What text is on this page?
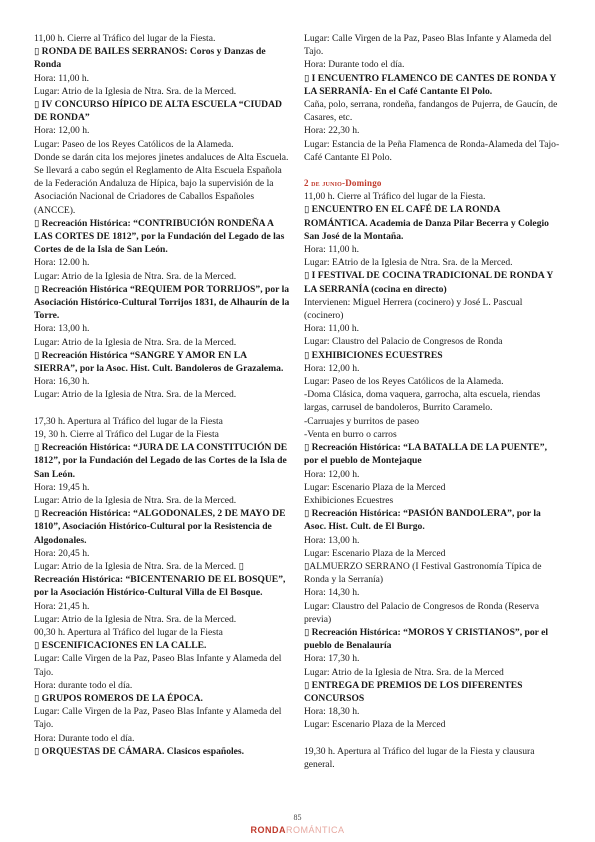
11,00 h. Cierre al Tráfico del lugar de la Fiesta.
▯ RONDA DE BAILES SERRANOS: Coros y Danzas de Ronda
Hora: 11,00 h.
Lugar: Atrio de la Iglesia de Ntra. Sra. de la Merced.
▯ IV CONCURSO HÍPICO DE ALTA ESCUELA “CIUDAD DE RONDA”
Hora: 12,00 h.
Lugar: Paseo de los Reyes Católicos de la Alameda.
Donde se darán cita los mejores jinetes andaluces de Alta Escuela. Se llevará a cabo según el Reglamento de Alta Escuela Española de la Federación Andaluza de Hípica, bajo la supervisión de la Asociación Nacional de Criadores de Caballos Españoles (ANCCE).
▯ Recreación Histórica: “CONTRIBUCIÓN RONDEÑA A LAS CORTES DE 1812”, por la Fundación del Legado de las Cortes de de la Isla de San León.
Hora: 12.00 h.
Lugar: Atrio de la Iglesia de Ntra. Sra. de la Merced.
▯ Recreación Histórica “REQUIEM POR TORRIJOS”, por la Asociación Histórico-Cultural Torrijos 1831, de Alhaurín de la Torre.
Hora: 13,00 h.
Lugar: Atrio de la Iglesia de Ntra. Sra. de la Merced.
▯ Recreación Histórica “SANGRE Y AMOR EN LA SIERRA”, por la Asoc. Hist. Cult. Bandoleros de Grazalema.
Hora: 16,30 h.
Lugar: Atrio de la Iglesia de Ntra. Sra. de la Merced.
17,30 h. Apertura al Tráfico del lugar de la Fiesta
19, 30 h. Cierre al Tráfico del Lugar de la Fiesta
▯ Recreación Histórica: “JURA DE LA CONSTITUCIÓN DE 1812”, por la Fundación del Legado de las Cortes de la Isla de San León.
Hora: 19,45 h.
Lugar: Atrio de la Iglesia de Ntra. Sra. de la Merced.
▯ Recreación Histórica: “ALGODONALES, 2 DE MAYO DE 1810”, Asociación Histórico-Cultural por la Resistencia de Algodonales.
Hora: 20,45 h.
Lugar: Atrio de la Iglesia de Ntra. Sra. de la Merced. ▯
Recreación Histórica: “BICENTENARIO DE EL BOSQUE”, por la Asociación Histórico-Cultural Villa de El Bosque.
Hora: 21,45 h.
Lugar: Atrio de la Iglesia de Ntra. Sra. de la Merced.
00,30 h. Apertura al Tráfico del lugar de la Fiesta
▯ ESCENIFICACIONES EN LA CALLE.
Lugar: Calle Virgen de la Paz, Paseo Blas Infante y Alameda del Tajo.
Hora: durante todo el día.
▯ GRUPOS ROMEROS DE LA ÉPOCA.
Lugar: Calle Virgen de la Paz, Paseo Blas Infante y Alameda del Tajo.
Hora: Durante todo el día.
▯ ORQUESTAS DE CÁMARA. Clasicos españoles.
Lugar: Calle Virgen de la Paz, Paseo Blas Infante y Alameda del Tajo.
Hora: Durante todo el día.
▯ I ENCUENTRO FLAMENCO DE CANTES DE RONDA Y LA SERRANÍA- En el Café Cantante El Polo.
Caña, polo, serrana, rondeña, fandangos de Pujerra, de Gaucín, de Casares, etc.
Hora: 22,30 h.
Lugar: Estancia de la Peña Flamenca de Ronda-Alameda del Tajo-Café Cantante El Polo.
2 de junio-Domingo
11,00 h. Cierre al Tráfico del lugar de la Fiesta.
▯ ENCUENTRO EN EL CAFÉ DE LA RONDA ROMÁNTICA. Academia de Danza Pilar Becerra y Colegio San José de la Montaña.
Hora: 11,00 h.
Lugar: EAtrio de la Iglesia de Ntra. Sra. de la Merced.
▯ I FESTIVAL DE COCINA TRADICIONAL DE RONDA Y LA SERRANÍA (cocina en directo)
Intervienen: Miguel Herrera (cocinero) y José L. Pascual (cocinero)
Hora: 11,00 h.
Lugar: Claustro del Palacio de Congresos de Ronda
▯ EXHIBICIONES ECUESTRES
Hora: 12,00 h.
Lugar: Paseo de los Reyes Católicos de la Alameda.
-Doma Clásica, doma vaquera, garrocha, alta escuela, riendas largas, carrusel de bandoleros, Burrito Caramelo.
-Carruajes y burritos de paseo
-Venta en burro o carros
▯ Recreación Histórica: “LA BATALLA DE LA PUENTE”, por el pueblo de Montejaque
Hora: 12,00 h.
Lugar: Escenario Plaza de la Merced
Exhibiciones Ecuestres
▯ Recreación Histórica: “PASIÓN BANDOLERA”, por la Asoc. Hist. Cult. de El Burgo.
Hora: 13,00 h.
Lugar: Escenario Plaza de la Merced
▯ALMUERZO SERRANO (I Festival Gastronomía Típica de Ronda y la Serranía)
Hora: 14,30 h.
Lugar: Claustro del Palacio de Congresos de Ronda (Reserva previa)
▯ Recreación Histórica: “MOROS Y CRISTIANOS”, por el pueblo de Benalauría
Hora: 17,30 h.
Lugar: Atrio de la Iglesia de Ntra. Sra. de la Merced
▯ ENTREGA DE PREMIOS DE LOS DIFERENTES CONCURSOS
Hora: 18,30 h.
Lugar: Escenario Plaza de la Merced
19,30 h. Apertura al Tráfico del lugar de la Fiesta y clausura general.
85
RONDAROMÁNTICA
